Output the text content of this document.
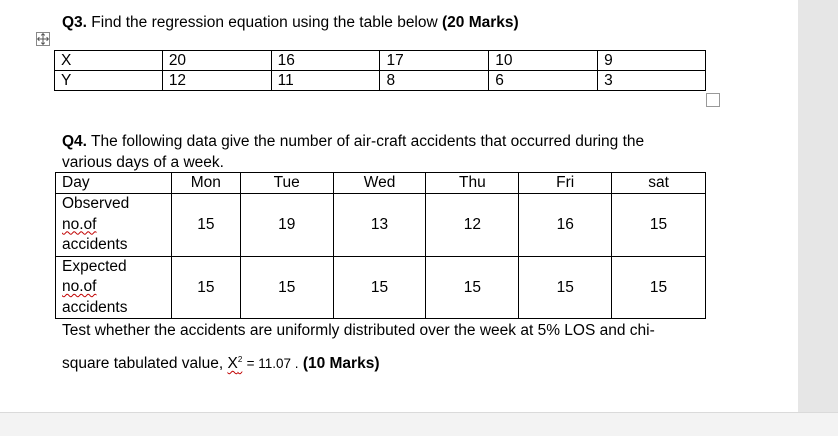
Q3. Find the regression equation using the table below (20 Marks)
X	20	16	17	10	9
Y	12	11	8	6	3
Q4. The following data give the number of air-craft accidents that occurred during the
various days of a week.
Day	Mon	Tue	Wed	Thu	Fri	sat

Observed
no.of
accidents	15	19	13	12	16	15

Expected
no.of
accidents	15	15	15	15	15	15
Test whether the accidents are uniformly distributed over the week at 5% LOS and chi-
square tabulated value, $X^2 = 11.07$ . (10 Marks)
